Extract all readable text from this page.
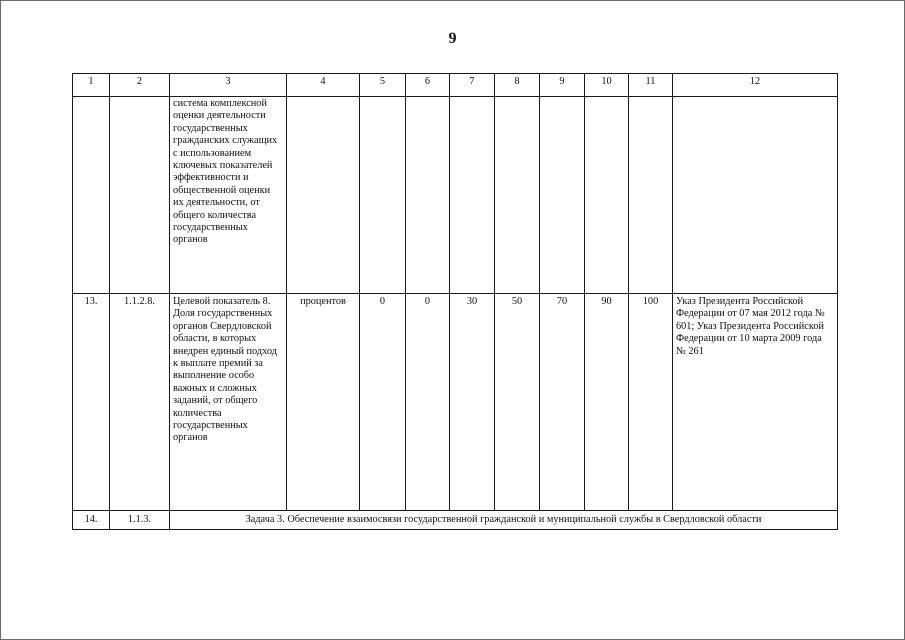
9
1	2	3	4	5	6	7	8	9	10	11	12
		система комплексной оценки деятельности государственных гражданских служащих с использованием ключевых показателей эффективности и общественной оценки их деятельности, от общего количества государственных органов									
13.	1.1.2.8.	Целевой показатель 8. Доля государственных органов Свердловской области, в которых внедрен единый подход к выплате премий за выполнение особо важных и сложных заданий, от общего количества государственных органов	процентов	0	0	30	50	70	90	100	Указ Президента Российской Федерации от 07 мая 2012 года № 601; Указ Президента Российской Федерации от 10 марта 2009 года № 261
14.	1.1.3.	Задача 3. Обеспечение взаимосвязи государственной гражданской и муниципальной службы в Свердловской области									
